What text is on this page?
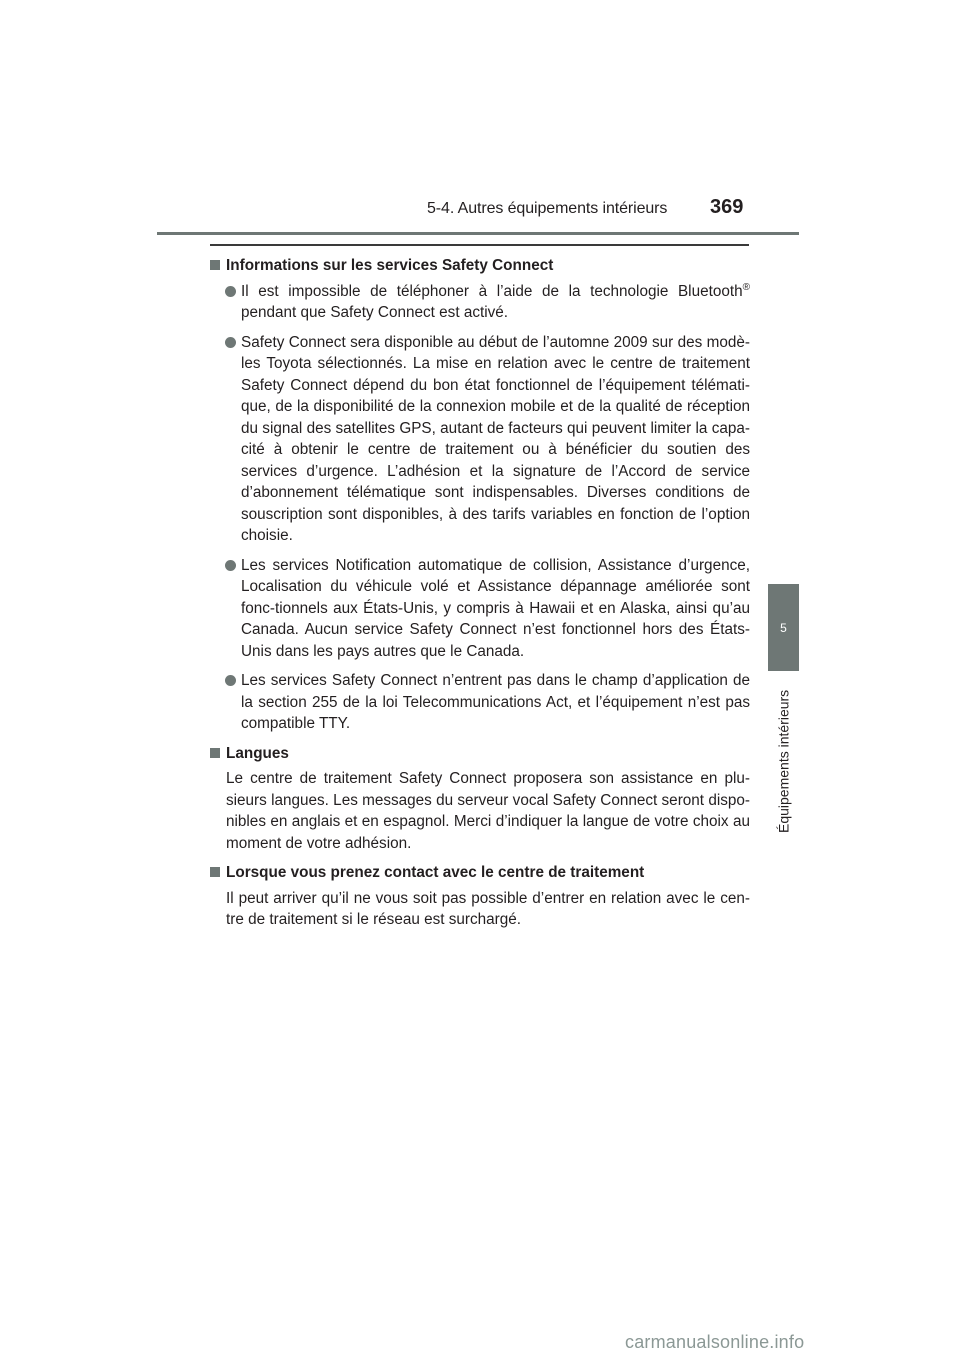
5-4. Autres équipements intérieurs 369
5
Équipements intérieurs
Informations sur les services Safety Connect
Il est impossible de téléphoner à l’aide de la technologie Bluetooth® pendant que Safety Connect est activé.
Safety Connect sera disponible au début de l’automne 2009 sur des modè-les Toyota sélectionnés. La mise en relation avec le centre de traitement Safety Connect dépend du bon état fonctionnel de l’équipement télémati-que, de la disponibilité de la connexion mobile et de la qualité de réception du signal des satellites GPS, autant de facteurs qui peuvent limiter la capa-cité à obtenir le centre de traitement ou à bénéficier du soutien des services d’urgence. L’adhésion et la signature de l’Accord de service d’abonnement télématique sont indispensables. Diverses conditions de souscription sont disponibles, à des tarifs variables en fonction de l’option choisie.
Les services Notification automatique de collision, Assistance d’urgence, Localisation du véhicule volé et Assistance dépannage améliorée sont fonc-tionnels aux États-Unis, y compris à Hawaii et en Alaska, ainsi qu’au Canada. Aucun service Safety Connect n’est fonctionnel hors des États-Unis dans les pays autres que le Canada.
Les services Safety Connect n’entrent pas dans le champ d’application de la section 255 de la loi Telecommunications Act, et l’équipement n’est pas compatible TTY.
Langues
Le centre de traitement Safety Connect proposera son assistance en plu-sieurs langues. Les messages du serveur vocal Safety Connect seront dispo-nibles en anglais et en espagnol. Merci d’indiquer la langue de votre choix au moment de votre adhésion.
Lorsque vous prenez contact avec le centre de traitement
Il peut arriver qu’il ne vous soit pas possible d’entrer en relation avec le cen-tre de traitement si le réseau est surchargé.
carmanualsonline.info
